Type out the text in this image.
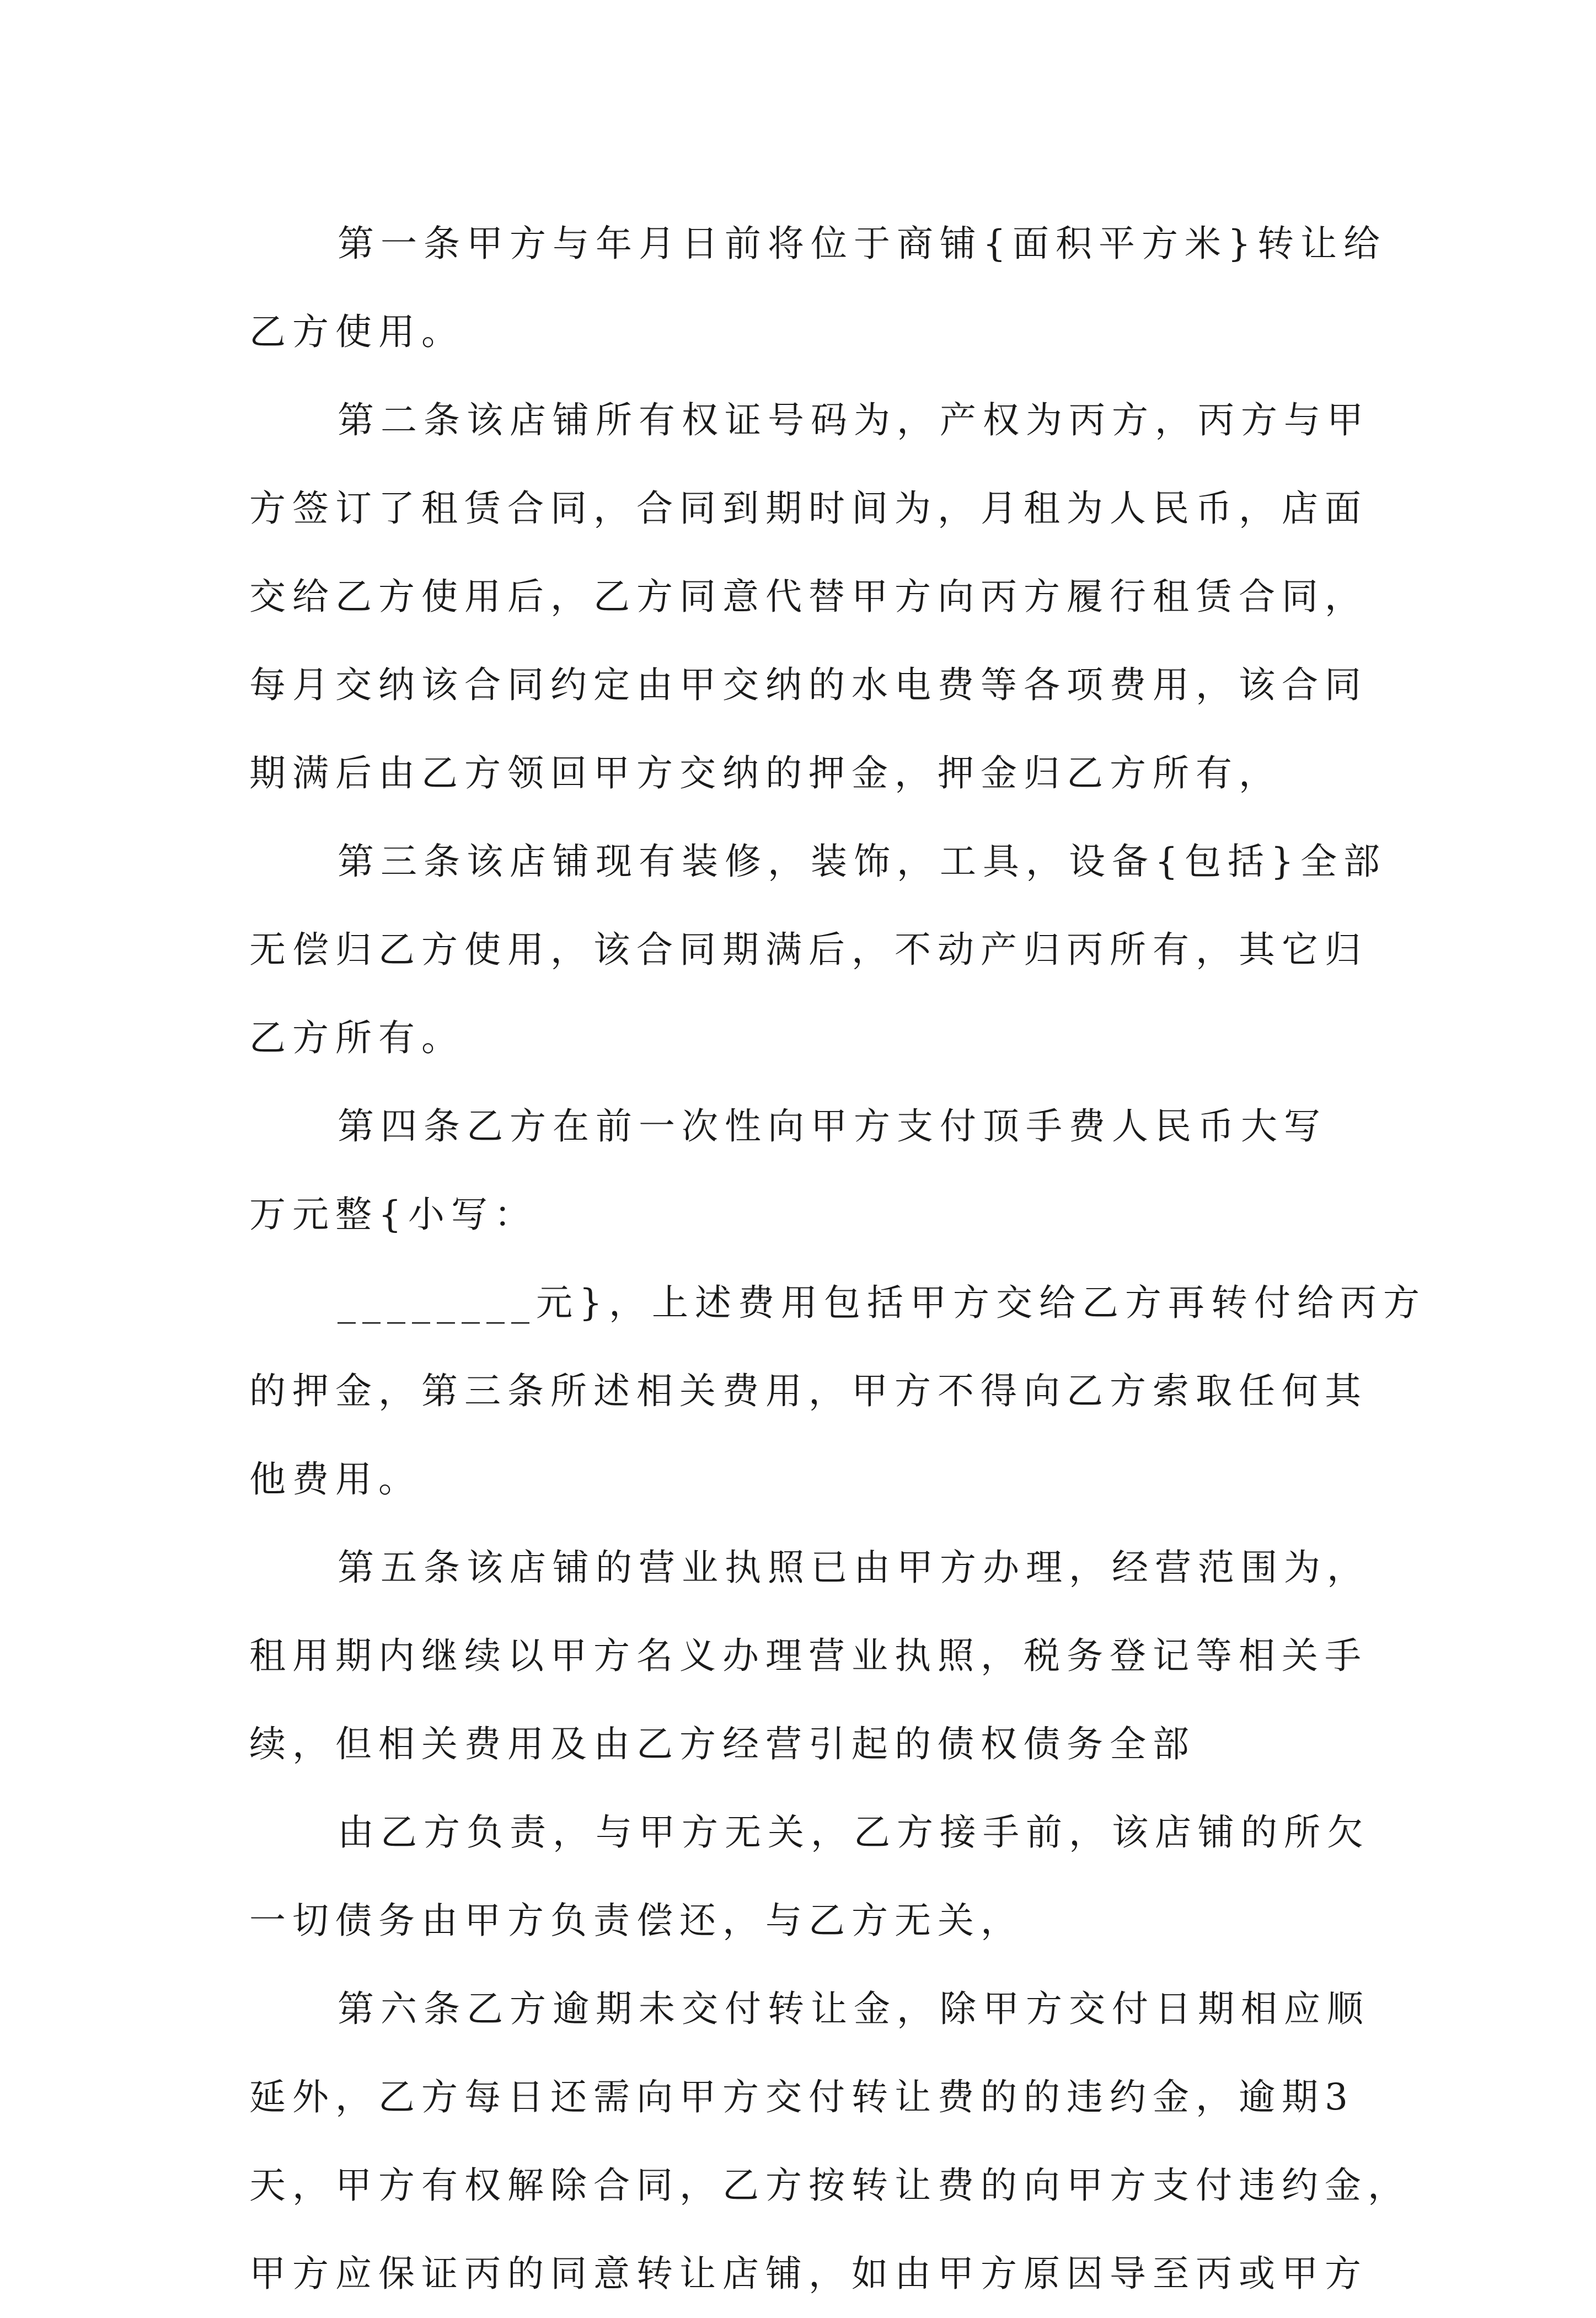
第一条甲方与年月日前将位于商铺{面积平方米}转让给
乙方使用。
第二条该店铺所有权证号码为，产权为丙方，丙方与甲
方签订了租赁合同，合同到期时间为，月租为人民币，店面
交给乙方使用后，乙方同意代替甲方向丙方履行租赁合同，
每月交纳该合同约定由甲交纳的水电费等各项费用，该合同
期满后由乙方领回甲方交纳的押金，押金归乙方所有，
第三条该店铺现有装修，装饰，工具，设备{包括}全部
无偿归乙方使用，该合同期满后，不动产归丙所有，其它归
乙方所有。
第四条乙方在前一次性向甲方支付顶手费人民币大写
万元整{小写：
________元}，上述费用包括甲方交给乙方再转付给丙方
的押金，第三条所述相关费用，甲方不得向乙方索取任何其
他费用。
第五条该店铺的营业执照已由甲方办理，经营范围为，
租用期内继续以甲方名义办理营业执照，税务登记等相关手
续，但相关费用及由乙方经营引起的债权债务全部
由乙方负责，与甲方无关，乙方接手前，该店铺的所欠
一切债务由甲方负责偿还，与乙方无关，
第六条乙方逾期未交付转让金，除甲方交付日期相应顺
延外，乙方每日还需向甲方交付转让费的的违约金，逾期3
天，甲方有权解除合同，乙方按转让费的向甲方支付违约金，
甲方应保证丙的同意转让店铺，如由甲方原因导至丙或甲方
